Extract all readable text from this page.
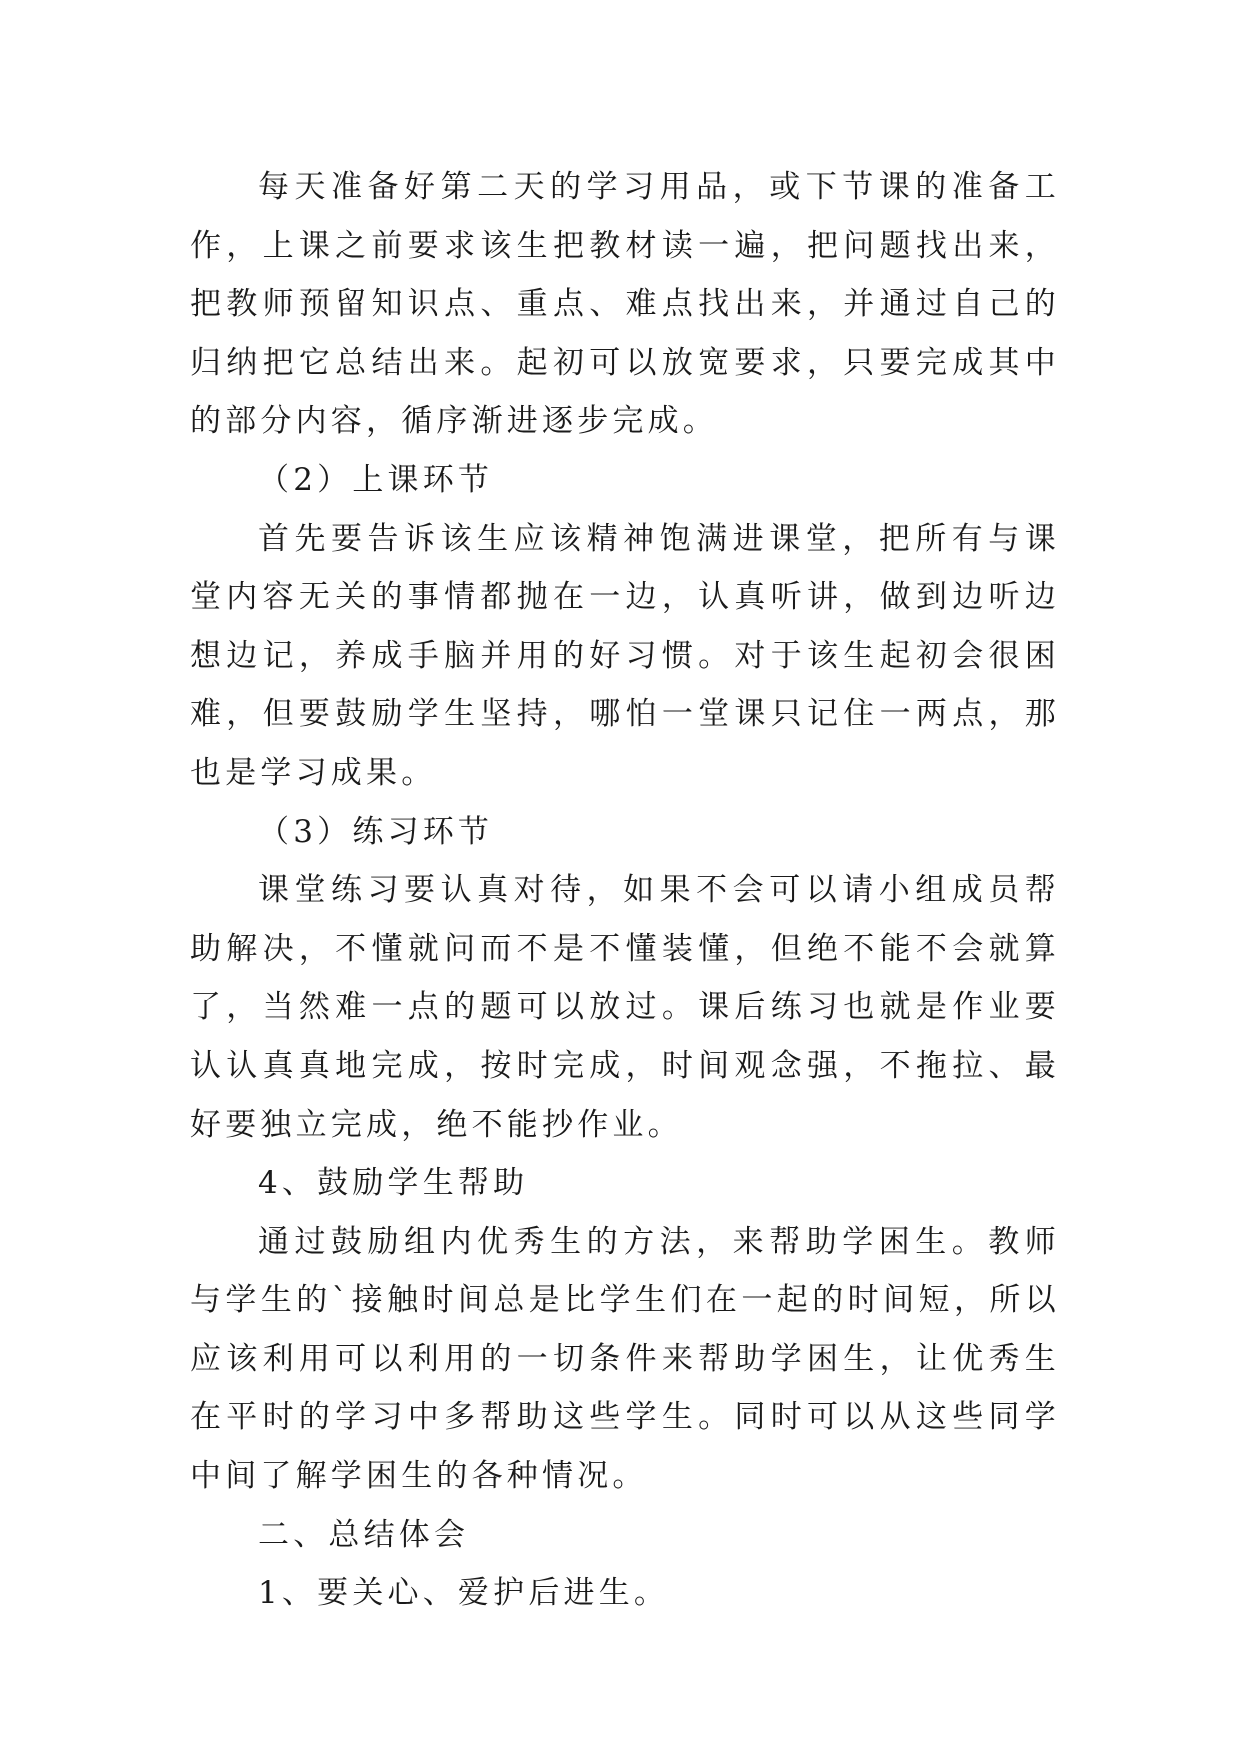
每天准备好第二天的学习用品，或下节课的准备工作，上课之前要求该生把教材读一遍，把问题找出来，把教师预留知识点、重点、难点找出来，并通过自己的归纳把它总结出来。起初可以放宽要求，只要完成其中的部分内容，循序渐进逐步完成。

（2）上课环节

首先要告诉该生应该精神饱满进课堂，把所有与课堂内容无关的事情都抛在一边，认真听讲，做到边听边想边记，养成手脑并用的好习惯。对于该生起初会很困难，但要鼓励学生坚持，哪怕一堂课只记住一两点，那也是学习成果。

（3）练习环节

课堂练习要认真对待，如果不会可以请小组成员帮助解决，不懂就问而不是不懂装懂，但绝不能不会就算了，当然难一点的题可以放过。课后练习也就是作业要认认真真地完成，按时完成，时间观念强，不拖拉、最好要独立完成，绝不能抄作业。

4、鼓励学生帮助

通过鼓励组内优秀生的方法，来帮助学困生。教师与学生的`接触时间总是比学生们在一起的时间短，所以应该利用可以利用的一切条件来帮助学困生，让优秀生在平时的学习中多帮助这些学生。同时可以从这些同学中间了解学困生的各种情况。

二、总结体会

1、要关心、爱护后进生。
